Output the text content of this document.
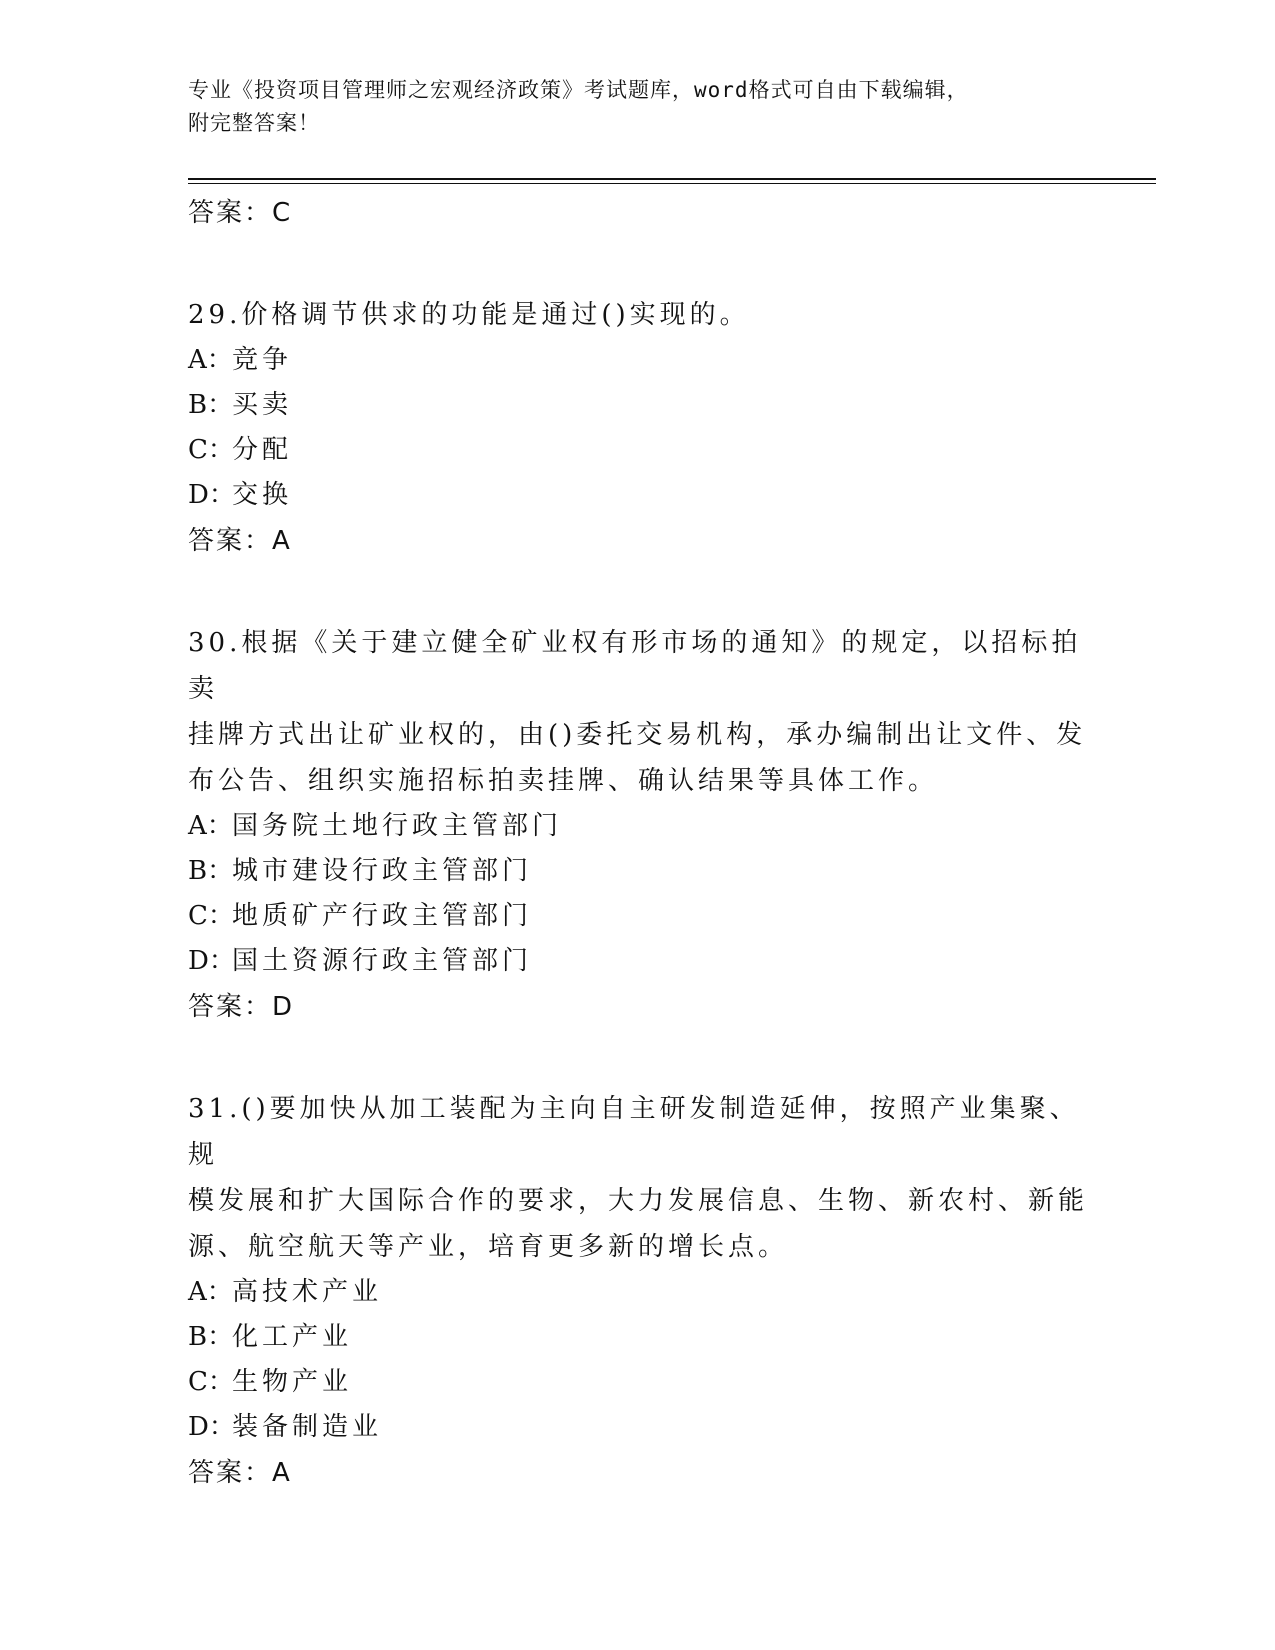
专业《投资项目管理师之宏观经济政策》考试题库，word格式可自由下载编辑，
附完整答案！

答案：C

29.价格调节供求的功能是通过()实现的。

A：竞争

B：买卖

C：分配

D：交换

答案：A

30.根据《关于建立健全矿业权有形市场的通知》的规定，以招标拍卖

挂牌方式出让矿业权的，由()委托交易机构，承办编制出让文件、发

布公告、组织实施招标拍卖挂牌、确认结果等具体工作。

A：国务院土地行政主管部门

B：城市建设行政主管部门

C：地质矿产行政主管部门

D：国土资源行政主管部门

答案：D

31.()要加快从加工装配为主向自主研发制造延伸，按照产业集聚、规

模发展和扩大国际合作的要求，大力发展信息、生物、新农村、新能

源、航空航天等产业，培育更多新的增长点。

A：高技术产业

B：化工产业

C：生物产业

D：装备制造业

答案：A
